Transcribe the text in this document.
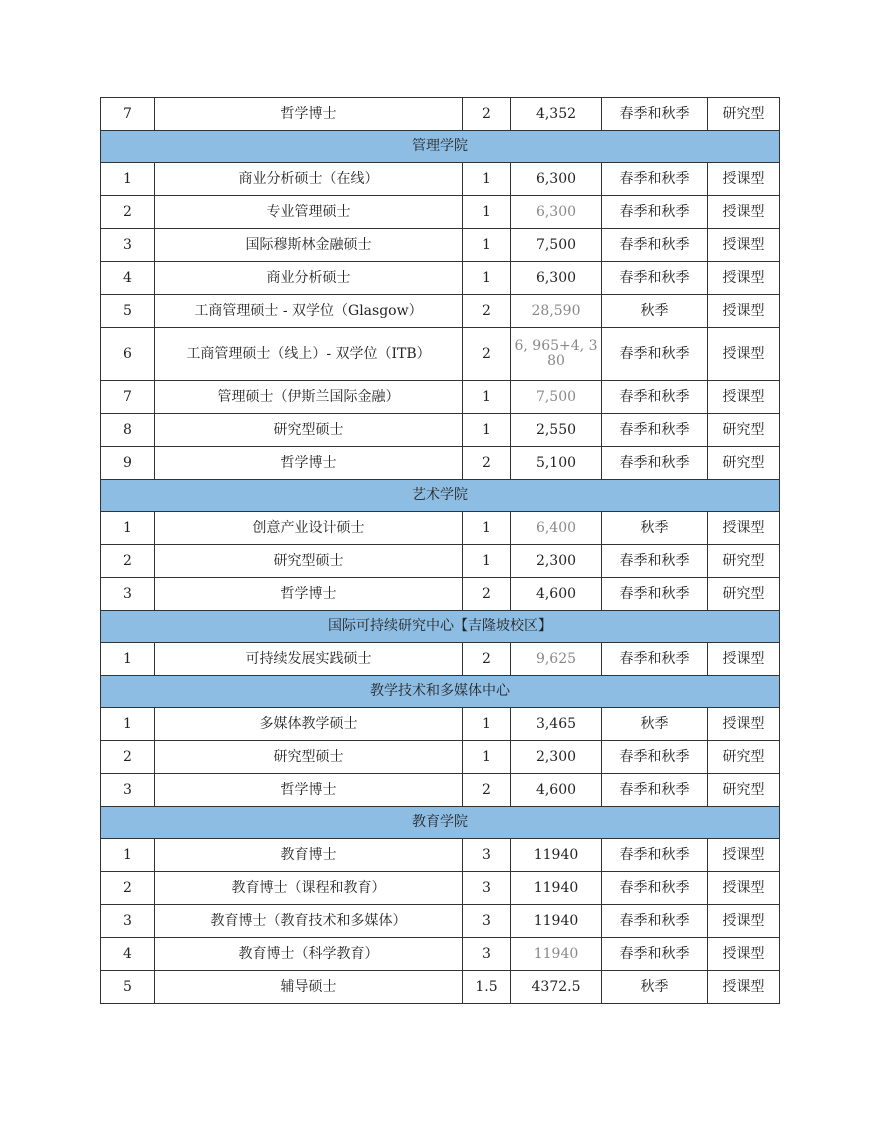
7	哲学博士	2	4,352	春季和秋季	研究型
管理学院					
1	商业分析硕士（在线）	1	6,300	春季和秋季	授课型
2	专业管理硕士	1	6,300	春季和秋季	授课型
3	国际穆斯林金融硕士	1	7,500	春季和秋季	授课型
4	商业分析硕士	1	6,300	春季和秋季	授课型
5	工商管理硕士 - 双学位（Glasgow）	2	28,590	秋季	授课型
6	工商管理硕士（线上）- 双学位（ITB）	2	6, 965+4, 380	春季和秋季	授课型
7	管理硕士（伊斯兰国际金融）	1	7,500	春季和秋季	授课型
8	研究型硕士	1	2,550	春季和秋季	研究型
9	哲学博士	2	5,100	春季和秋季	研究型
艺术学院					
1	创意产业设计硕士	1	6,400	秋季	授课型
2	研究型硕士	1	2,300	春季和秋季	研究型
3	哲学博士	2	4,600	春季和秋季	研究型
国际可持续研究中心【吉隆坡校区】					
1	可持续发展实践硕士	2	9,625	春季和秋季	授课型
教学技术和多媒体中心					
1	多媒体教学硕士	1	3,465	秋季	授课型
2	研究型硕士	1	2,300	春季和秋季	研究型
3	哲学博士	2	4,600	春季和秋季	研究型
教育学院					
1	教育博士	3	11940	春季和秋季	授课型
2	教育博士（课程和教育）	3	11940	春季和秋季	授课型
3	教育博士（教育技术和多媒体）	3	11940	春季和秋季	授课型
4	教育博士（科学教育）	3	11940	春季和秋季	授课型
5	辅导硕士	1.5	4372.5	秋季	授课型
